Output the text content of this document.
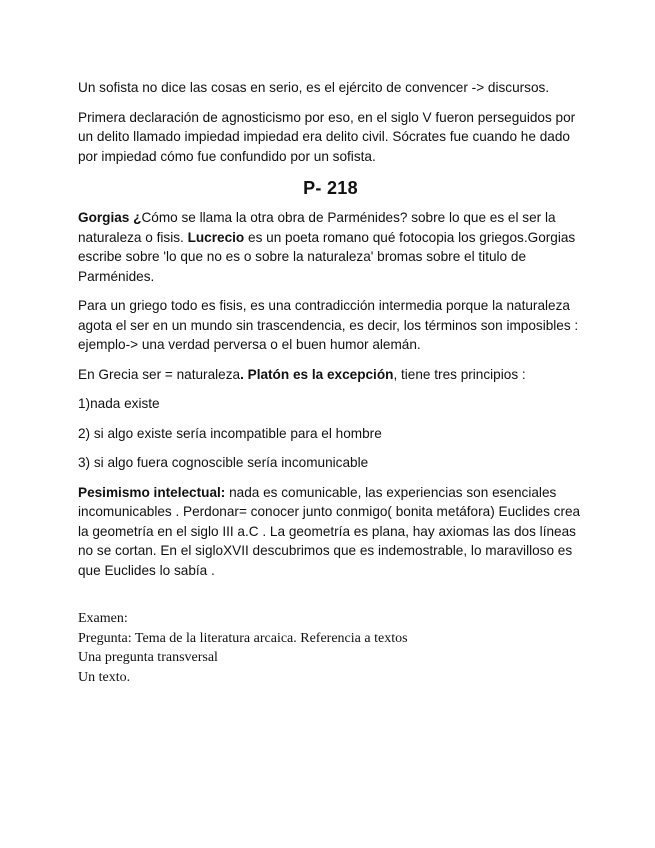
Un sofista no dice las cosas en serio, es el ejército de convencer -> discursos.

Primera declaración de agnosticismo por eso, en el siglo V fueron perseguidos por un delito llamado impiedad impiedad era delito civil. Sócrates fue cuando he dado por impiedad cómo fue confundido por un sofista.

P- 218

Gorgias ¿Cómo se llama la otra obra de Parménides? sobre lo que es el ser la naturaleza o fisis. Lucrecio es un poeta romano qué fotocopia los griegos.Gorgias escribe sobre 'lo que no es o sobre la naturaleza' bromas sobre el titulo de Parménides.

Para un griego todo es fisis, es una contradicción intermedia porque la naturaleza agota el ser en un mundo sin trascendencia, es decir, los términos son imposibles : ejemplo-> una verdad perversa o el buen humor alemán.

En Grecia ser = naturaleza. Platón es la excepción, tiene tres principios :

1)nada existe
2) si algo existe sería incompatible para el hombre
3) si algo fuera cognoscible sería incomunicable

Pesimismo intelectual: nada es comunicable, las experiencias son esenciales incomunicables . Perdonar= conocer junto conmigo( bonita metáfora) Euclides crea la geometría en el siglo III a.C . La geometría es plana, hay axiomas las dos líneas no se cortan. En el sigloXVII descubrimos que es indemostrable, lo maravilloso es que Euclides lo sabía .

Examen:
Pregunta: Tema de la literatura arcaica. Referencia a textos
Una pregunta transversal
Un texto.
